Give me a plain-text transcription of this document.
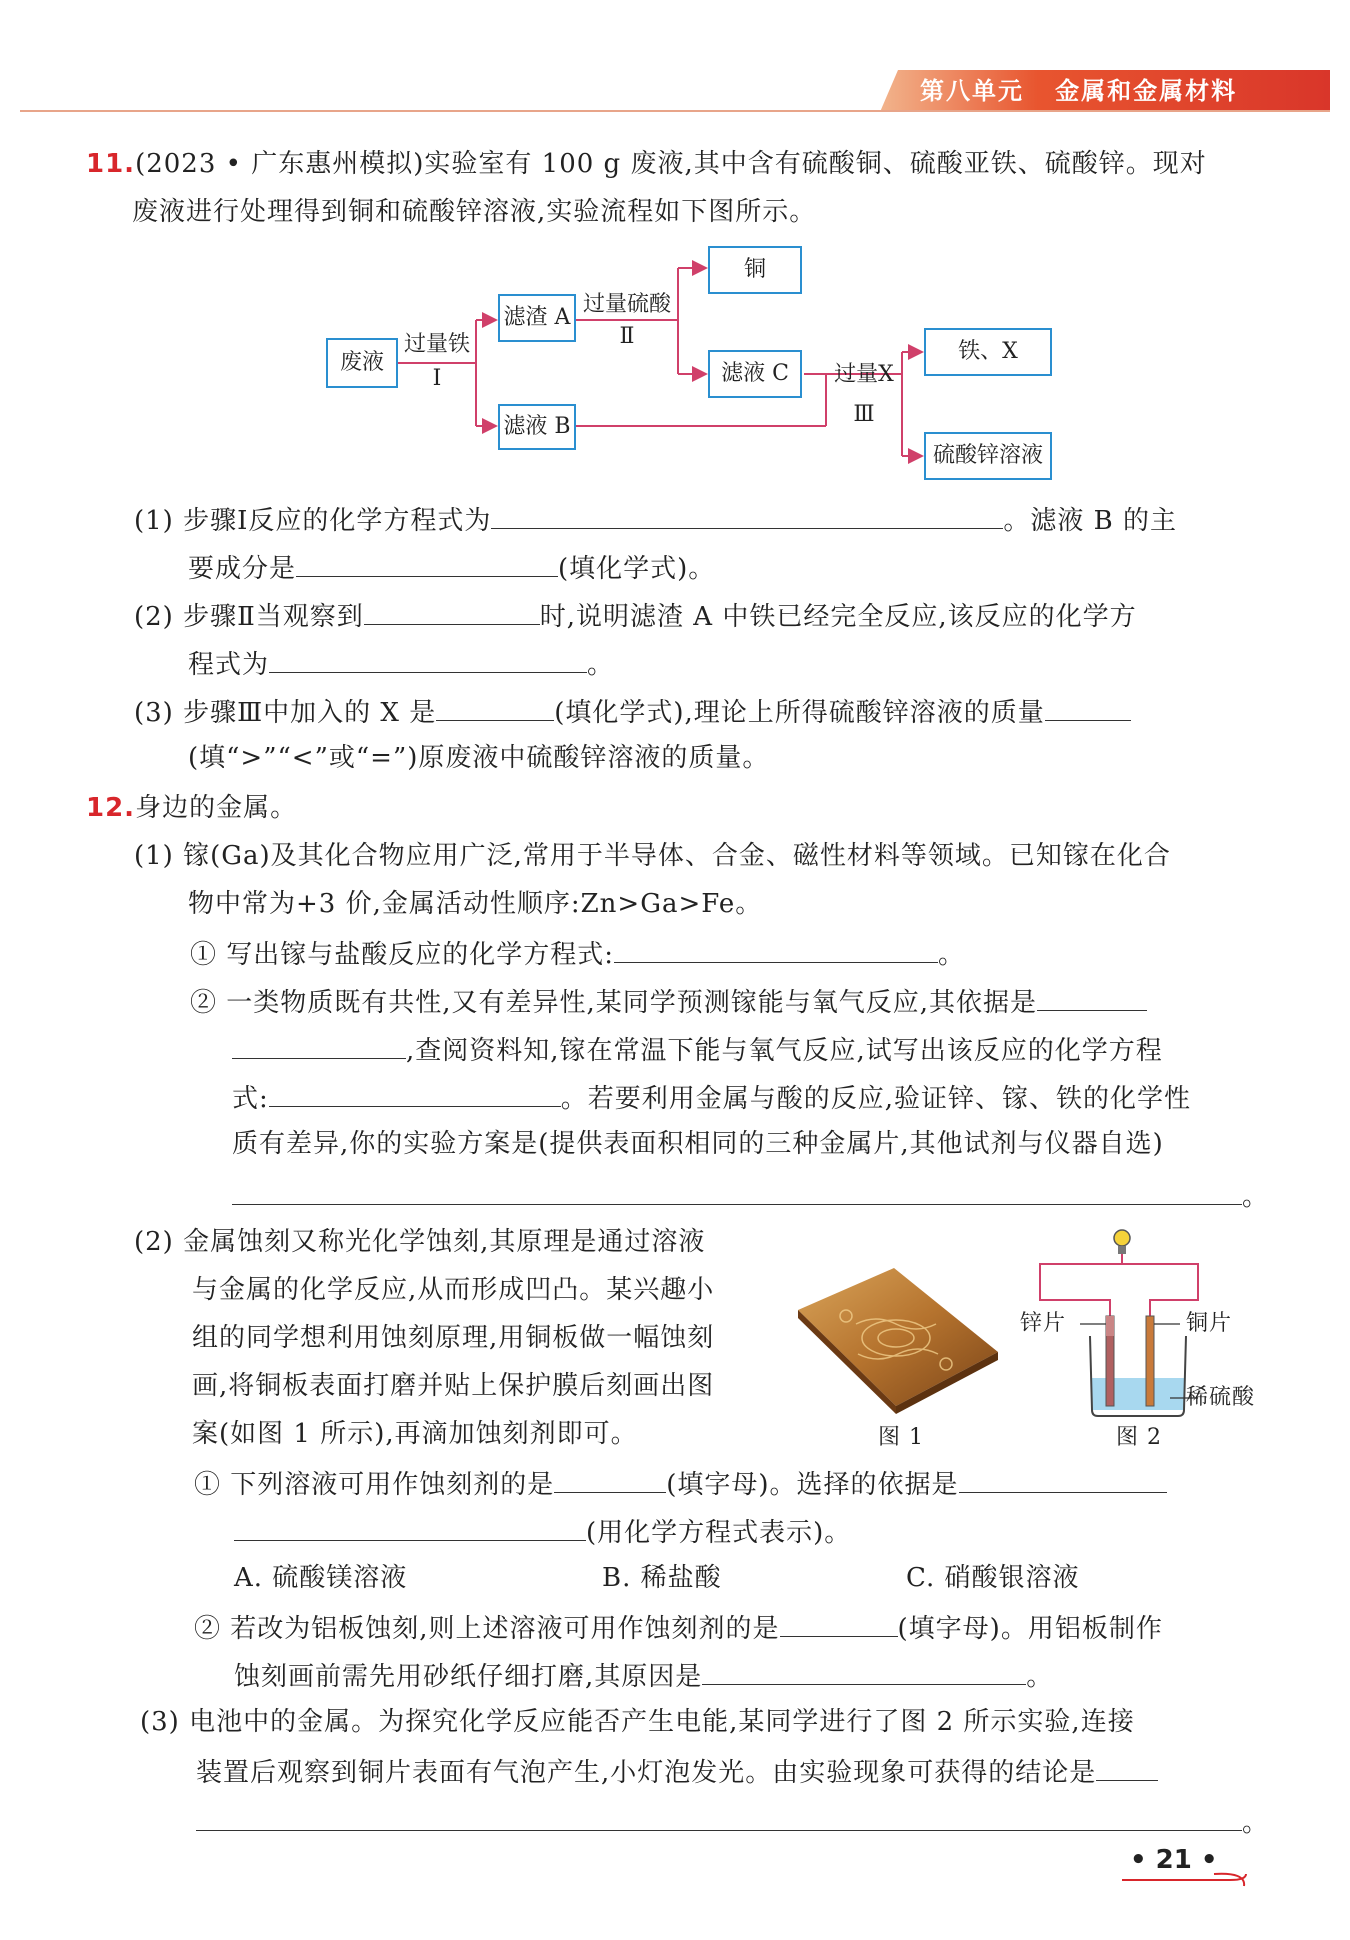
第八单元 金属和金属材料
11.(2023 • 广东惠州模拟)实验室有 100 g 废液,其中含有硫酸铜、硫酸亚铁、硫酸锌。现对
废液进行处理得到铜和硫酸锌溶液,实验流程如下图所示。
废液
滤渣 A
滤液 B
铜
滤液 C
铁、X
硫酸锌溶液
过量铁
Ⅰ
过量硫酸
Ⅱ
过量X
Ⅲ
(1) 步骤Ⅰ反应的化学方程式为	。滤液 B 的主
要成分是	(填化学式)。
(2) 步骤Ⅱ当观察到	时,说明滤渣 A 中铁已经完全反应,该反应的化学方
程式为	。
(3) 步骤Ⅲ中加入的 X 是	(填化学式),理论上所得硫酸锌溶液的质量
(填“>”“<”或“=”)原废液中硫酸锌溶液的质量。
12.身边的金属。
(1) 镓(Ga)及其化合物应用广泛,常用于半导体、合金、磁性材料等领域。已知镓在化合
物中常为+3 价,金属活动性顺序:Zn>Ga>Fe。
① 写出镓与盐酸反应的化学方程式:	。
② 一类物质既有共性,又有差异性,某同学预测镓能与氧气反应,其依据是
,查阅资料知,镓在常温下能与氧气反应,试写出该反应的化学方程
式:	。若要利用金属与酸的反应,验证锌、镓、铁的化学性
质有差异,你的实验方案是(提供表面积相同的三种金属片,其他试剂与仪器自选)
。
(2) 金属蚀刻又称光化学蚀刻,其原理是通过溶液
与金属的化学反应,从而形成凹凸。某兴趣小
组的同学想利用蚀刻原理,用铜板做一幅蚀刻
画,将铜板表面打磨并贴上保护膜后刻画出图
案(如图 1 所示),再滴加蚀刻剂即可。	图 1
锌片	铜片
稀硫酸
图 2
① 下列溶液可用作蚀刻剂的是	(填字母)。选择的依据是
(用化学方程式表示)。
A. 硫酸镁溶液	B. 稀盐酸	C. 硝酸银溶液
② 若改为铝板蚀刻,则上述溶液可用作蚀刻剂的是	(填字母)。用铝板制作
蚀刻画前需先用砂纸仔细打磨,其原因是	。
(3) 电池中的金属。为探究化学反应能否产生电能,某同学进行了图 2 所示实验,连接
装置后观察到铜片表面有气泡产生,小灯泡发光。由实验现象可获得的结论是
。
• 21 •
